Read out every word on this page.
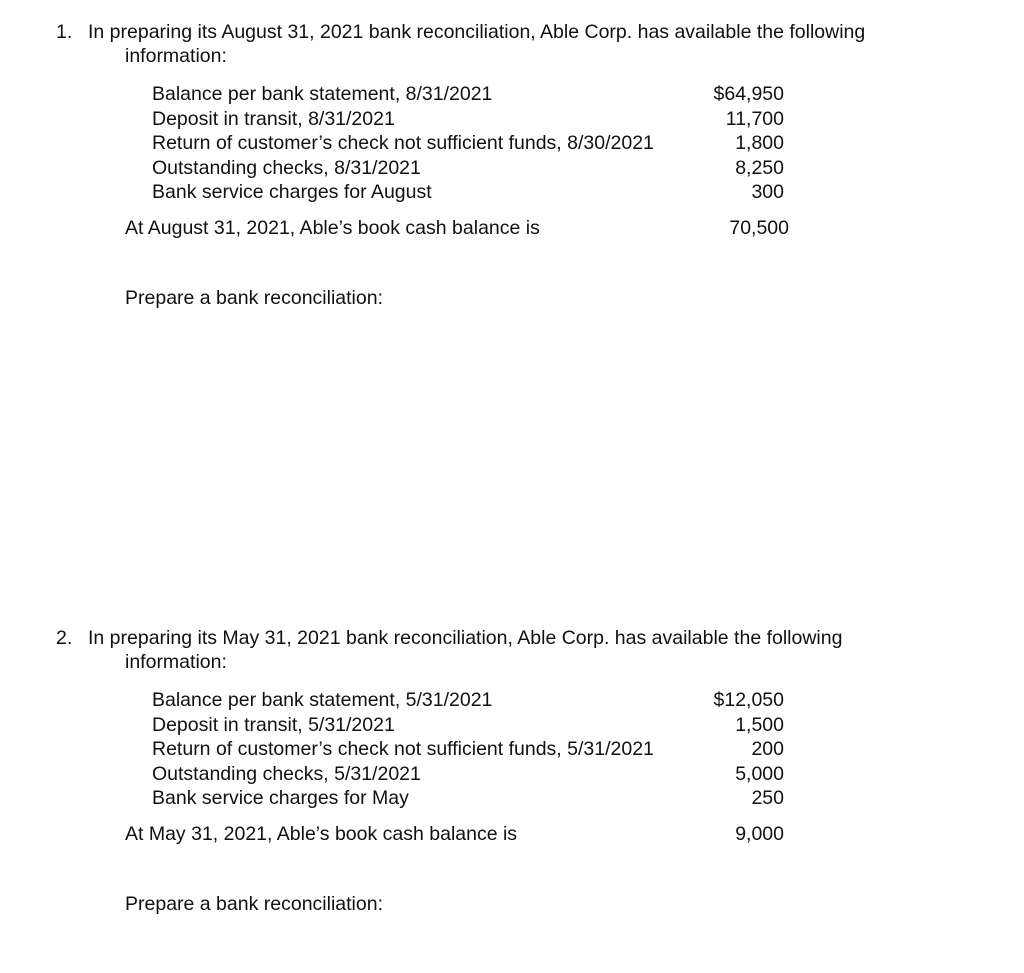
1. In preparing its August 31, 2021 bank reconciliation, Able Corp. has available the following
information:
Balance per bank statement, 8/31/2021	$64,950
Deposit in transit, 8/31/2021	11,700
Return of customer’s check not sufficient funds, 8/30/2021	1,800
Outstanding checks, 8/31/2021	8,250
Bank service charges for August	300
At August 31, 2021, Able’s book cash balance is	70,500
Prepare a bank reconciliation:
2. In preparing its May 31, 2021 bank reconciliation, Able Corp. has available the following
information:
Balance per bank statement, 5/31/2021	$12,050
Deposit in transit, 5/31/2021	1,500
Return of customer’s check not sufficient funds, 5/31/2021	200
Outstanding checks, 5/31/2021	5,000
Bank service charges for May	250
At May 31, 2021, Able’s book cash balance is	9,000
Prepare a bank reconciliation:
